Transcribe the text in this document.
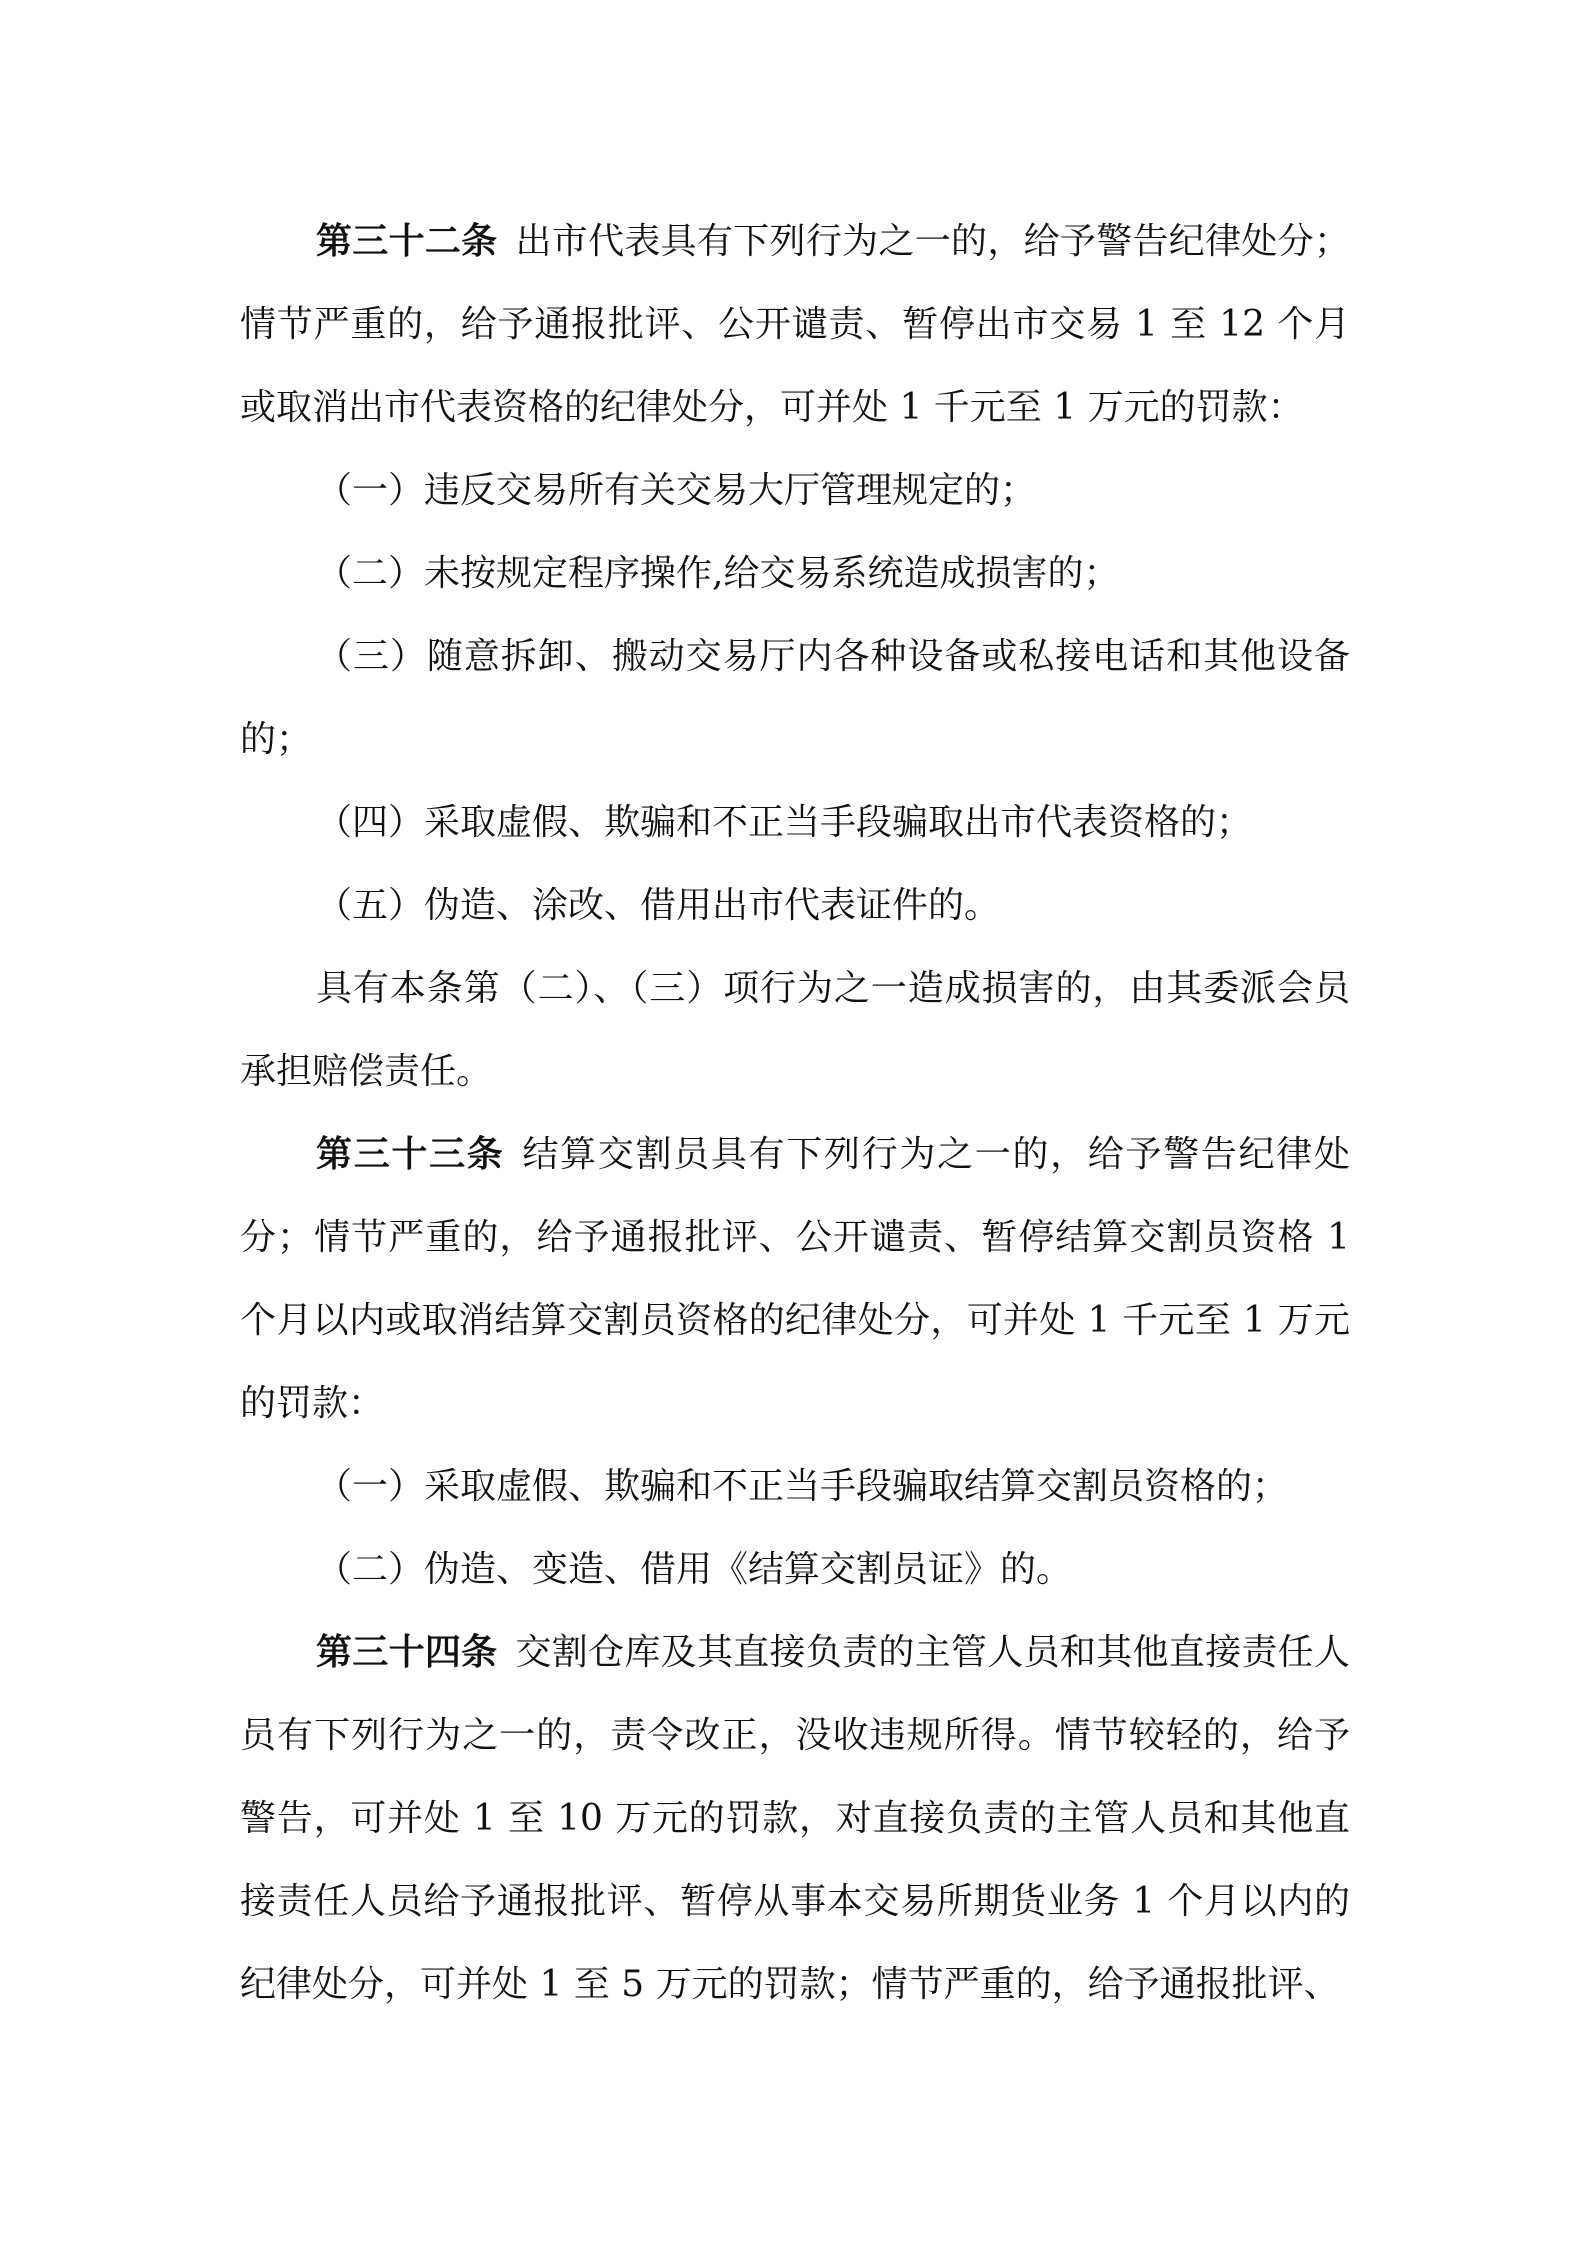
第三十二条 出市代表具有下列行为之一的，给予警告纪律处分；情节严重的，给予通报批评、公开谴责、暂停出市交易 1 至 12 个月或取消出市代表资格的纪律处分，可并处 1 千元至 1 万元的罚款：

（一）违反交易所有关交易大厅管理规定的；

（二）未按规定程序操作,给交易系统造成损害的；

（三）随意拆卸、搬动交易厅内各种设备或私接电话和其他设备的；

（四）采取虚假、欺骗和不正当手段骗取出市代表资格的；

（五）伪造、涂改、借用出市代表证件的。

具有本条第（二）、（三）项行为之一造成损害的，由其委派会员承担赔偿责任。

第三十三条 结算交割员具有下列行为之一的，给予警告纪律处分；情节严重的，给予通报批评、公开谴责、暂停结算交割员资格 1 个月以内或取消结算交割员资格的纪律处分，可并处 1 千元至 1 万元的罚款：

（一）采取虚假、欺骗和不正当手段骗取结算交割员资格的；

（二）伪造、变造、借用《结算交割员证》的。

第三十四条 交割仓库及其直接负责的主管人员和其他直接责任人员有下列行为之一的，责令改正，没收违规所得。情节较轻的，给予警告，可并处 1 至 10 万元的罚款，对直接负责的主管人员和其他直接责任人员给予通报批评、暂停从事本交易所期货业务 1 个月以内的纪律处分，可并处 1 至 5 万元的罚款；情节严重的，给予通报批评、
